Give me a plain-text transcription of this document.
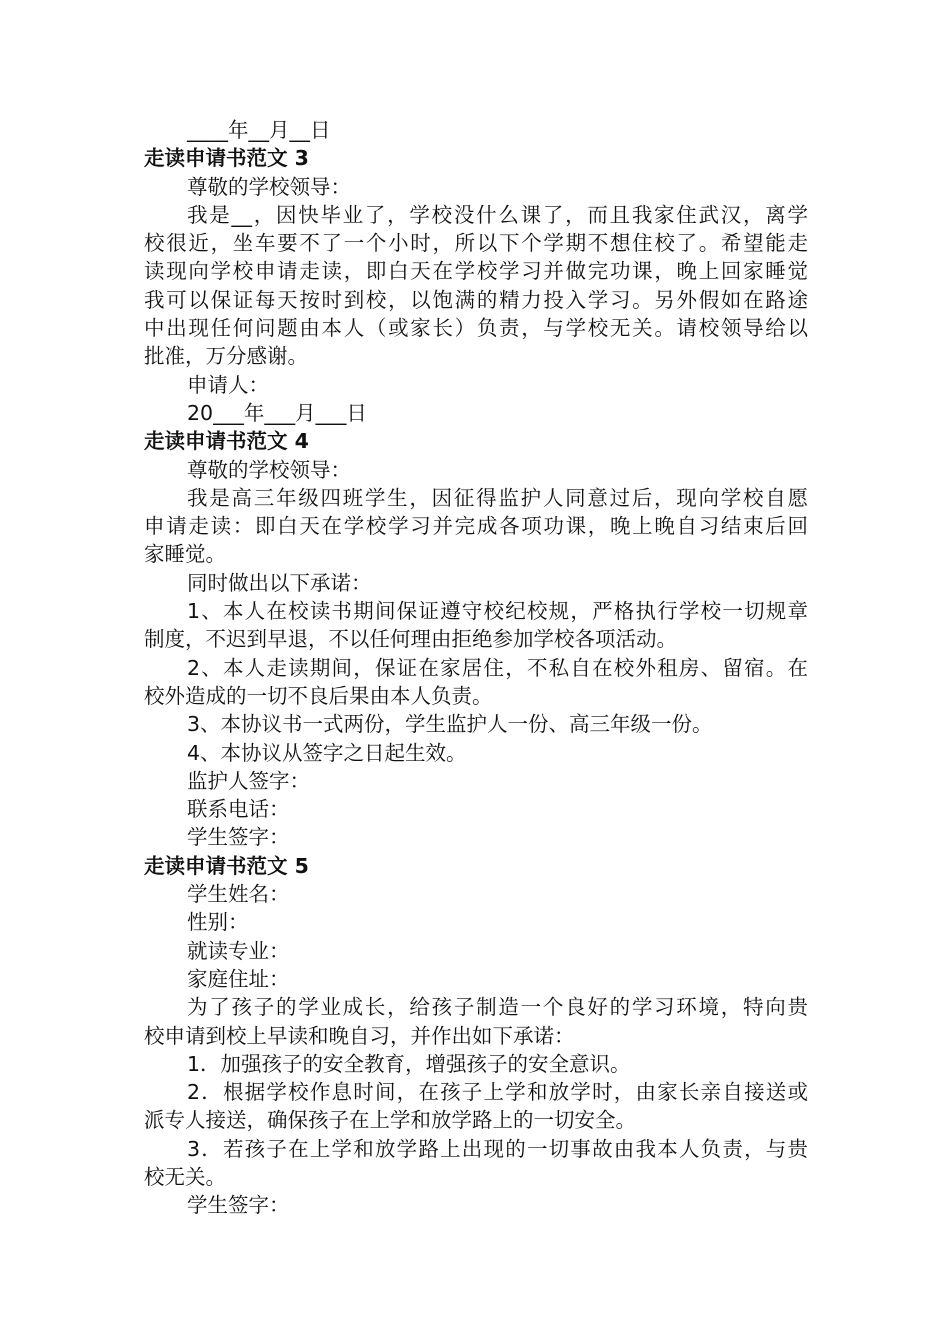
____年__月__日
走读申请书范文 3
尊敬的学校领导：
我是__，因快毕业了，学校没什么课了，而且我家住武汉，离学
校很近，坐车要不了一个小时，所以下个学期不想住校了。希望能走
读现向学校申请走读，即白天在学校学习并做完功课，晚上回家睡觉
我可以保证每天按时到校，以饱满的精力投入学习。另外假如在路途
中出现任何问题由本人（或家长）负责，与学校无关。请校领导给以
批准，万分感谢。
申请人：
20___年___月___日
走读申请书范文 4
尊敬的学校领导：
我是高三年级四班学生，因征得监护人同意过后，现向学校自愿
申请走读：即白天在学校学习并完成各项功课，晚上晚自习结束后回
家睡觉。
同时做出以下承诺：
1、本人在校读书期间保证遵守校纪校规，严格执行学校一切规章
制度，不迟到早退，不以任何理由拒绝参加学校各项活动。
2、本人走读期间，保证在家居住，不私自在校外租房、留宿。在
校外造成的一切不良后果由本人负责。
3、本协议书一式两份，学生监护人一份、高三年级一份。
4、本协议从签字之日起生效。
监护人签字：
联系电话：
学生签字：
走读申请书范文 5
学生姓名：
性别：
就读专业：
家庭住址：
为了孩子的学业成长，给孩子制造一个良好的学习环境，特向贵
校申请到校上早读和晚自习，并作出如下承诺：
1．加强孩子的安全教育，增强孩子的安全意识。
2．根据学校作息时间，在孩子上学和放学时，由家长亲自接送或
派专人接送，确保孩子在上学和放学路上的一切安全。
3．若孩子在上学和放学路上出现的一切事故由我本人负责，与贵
校无关。
学生签字：
